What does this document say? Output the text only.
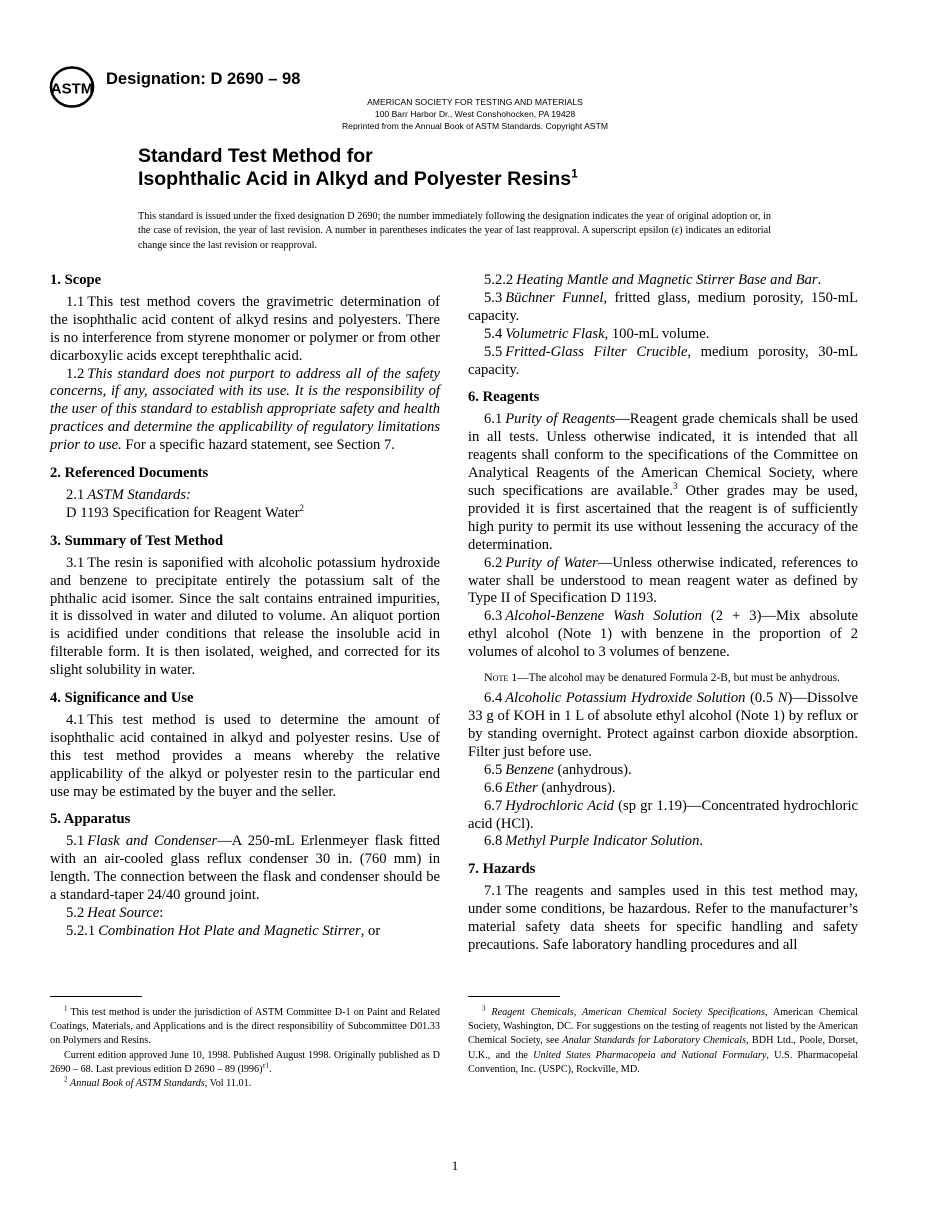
ASTM
Designation: D 2690 – 98
AMERICAN SOCIETY FOR TESTING AND MATERIALS
100 Barr Harbor Dr., West Conshohocken, PA 19428
Reprinted from the Annual Book of ASTM Standards. Copyright ASTM
Standard Test Method for
Isophthalic Acid in Alkyd and Polyester Resins$^1$
This standard is issued under the fixed designation D 2690; the number immediately following the designation indicates the year of original adoption or, in the case of revision, the year of last revision. A number in parentheses indicates the year of last reapproval. A superscript epsilon (ε) indicates an editorial change since the last revision or reapproval.
1. Scope

1.1 This test method covers the gravimetric determination of the isophthalic acid content of alkyd resins and polyesters. There is no interference from styrene monomer or polymer or from other dicarboxylic acids except terephthalic acid.

1.2 This standard does not purport to address all of the safety concerns, if any, associated with its use. It is the responsibility of the user of this standard to establish appropriate safety and health practices and determine the applicability of regulatory limitations prior to use. For a specific hazard statement, see Section 7.

2. Referenced Documents

2.1 ASTM Standards:

D 1193 Specification for Reagent Water$^2$

3. Summary of Test Method

3.1 The resin is saponified with alcoholic potassium hydroxide and benzene to precipitate entirely the potassium salt of the phthalic acid isomer. Since the salt contains entrained impurities, it is dissolved in water and diluted to volume. An aliquot portion is acidified under conditions that release the insoluble acid in filterable form. It is then isolated, weighed, and corrected for its slight solubility in water.

4. Significance and Use

4.1 This test method is used to determine the amount of isophthalic acid contained in alkyd and polyester resins. Use of this test method provides a means whereby the relative applicability of the alkyd or polyester resin to the particular end use may be estimated by the buyer and the seller.

5. Apparatus

5.1 Flask and Condenser—A 250-mL Erlenmeyer flask fitted with an air-cooled glass reflux condenser 30 in. (760 mm) in length. The connection between the flask and condenser should be a standard-taper 24/40 ground joint.

5.2 Heat Source:

5.2.1 Combination Hot Plate and Magnetic Stirrer, or

5.2.2 Heating Mantle and Magnetic Stirrer Base and Bar.

5.3 Büchner Funnel, fritted glass, medium porosity, 150-mL capacity.

5.4 Volumetric Flask, 100-mL volume.

5.5 Fritted-Glass Filter Crucible, medium porosity, 30-mL capacity.

6. Reagents

6.1 Purity of Reagents—Reagent grade chemicals shall be used in all tests. Unless otherwise indicated, it is intended that all reagents shall conform to the specifications of the Committee on Analytical Reagents of the American Chemical Society, where such specifications are available.$^3$ Other grades may be used, provided it is first ascertained that the reagent is of sufficiently high purity to permit its use without lessening the accuracy of the determination.

6.2 Purity of Water—Unless otherwise indicated, references to water shall be understood to mean reagent water as defined by Type II of Specification D 1193.

6.3 Alcohol-Benzene Wash Solution (2 + 3)—Mix absolute ethyl alcohol (Note 1) with benzene in the proportion of 2 volumes of alcohol to 3 volumes of benzene.

Note 1—The alcohol may be denatured Formula 2-B, but must be anhydrous.

6.4 Alcoholic Potassium Hydroxide Solution (0.5 N)—Dissolve 33 g of KOH in 1 L of absolute ethyl alcohol (Note 1) by reflux or by standing overnight. Protect against carbon dioxide absorption. Filter just before use.

6.5 Benzene (anhydrous).

6.6 Ether (anhydrous).

6.7 Hydrochloric Acid (sp gr 1.19)—Concentrated hydrochloric acid (HCl).

6.8 Methyl Purple Indicator Solution.

7. Hazards

7.1 The reagents and samples used in this test method may, under some conditions, be hazardous. Refer to the manufacturer’s material safety data sheets for specific handling and safety precautions. Safe laboratory handling procedures and all

$^1$ This test method is under the jurisdiction of ASTM Committee D-1 on Paint and Related Coatings, Materials, and Applications and is the direct responsibility of Subcommittee D01.33 on Polymers and Resins.

Current edition approved June 10, 1998. Published August 1998. Originally published as D 2690 – 68. Last previous edition D 2690 – 89 $(l996)^{\varepsilon 1}$.

$^2$ Annual Book of ASTM Standards, Vol 11.01.

$^3$ Reagent Chemicals, American Chemical Society Specifications, American Chemical Society, Washington, DC. For suggestions on the testing of reagents not listed by the American Chemical Society, see Analar Standards for Laboratory Chemicals, BDH Ltd., Poole, Dorset, U.K., and the United States Pharmacopeia and National Formulary, U.S. Pharmacopeial Convention, Inc. (USPC), Rockville, MD.

1
